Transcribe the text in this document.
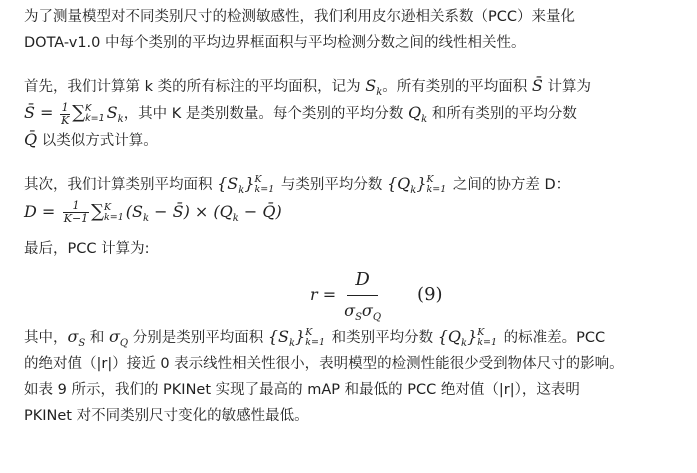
为了测量模型对不同类别尺寸的检测敏感性，我们利用皮尔逊相关系数（PCC）来量化

DOTA-v1.0 中每个类别的平均边界框面积与平均检测分数之间的线性相关性。

首先，我们计算第 k 类的所有标注的平均面积，记为 $S_k$。所有类别的平均面积 S̄ 计算为

S̄ = $\frac{1}{K}$ ∑ K
k=1 $S_k$，其中 K 是类别数量。每个类别的平均分数 $Q_k$ 和所有类别的平均分数

Q̄ 以类似方式计算。

其次，我们计算类别平均面积 $\{S_k\}$ K
k=1 与类别平均分数 $\{Q_k\}$ K
k=1 之间的协方差 D：

$D = \frac{1}{K-1}$ ∑ K
k=1 ($S_k$ − S̄) × ($Q_k$ − Q̄)

最后，PCC 计算为:

$r = \frac{D}{\sigma_S\sigma_Q} (9)$

其中，$\sigma_S$ 和 $\sigma_Q$ 分别是类别平均面积 $\{S_k\}$ K
k=1 和类别平均分数 $\{Q_k\}$ K
k=1 的标准差。PCC

的绝对值（|r|）接近 0 表示线性相关性很小，表明模型的检测性能很少受到物体尺寸的影响。

如表 9 所示，我们的 PKINet 实现了最高的 mAP 和最低的 PCC 绝对值（|r|），这表明

PKINet 对不同类别尺寸变化的敏感性最低。
